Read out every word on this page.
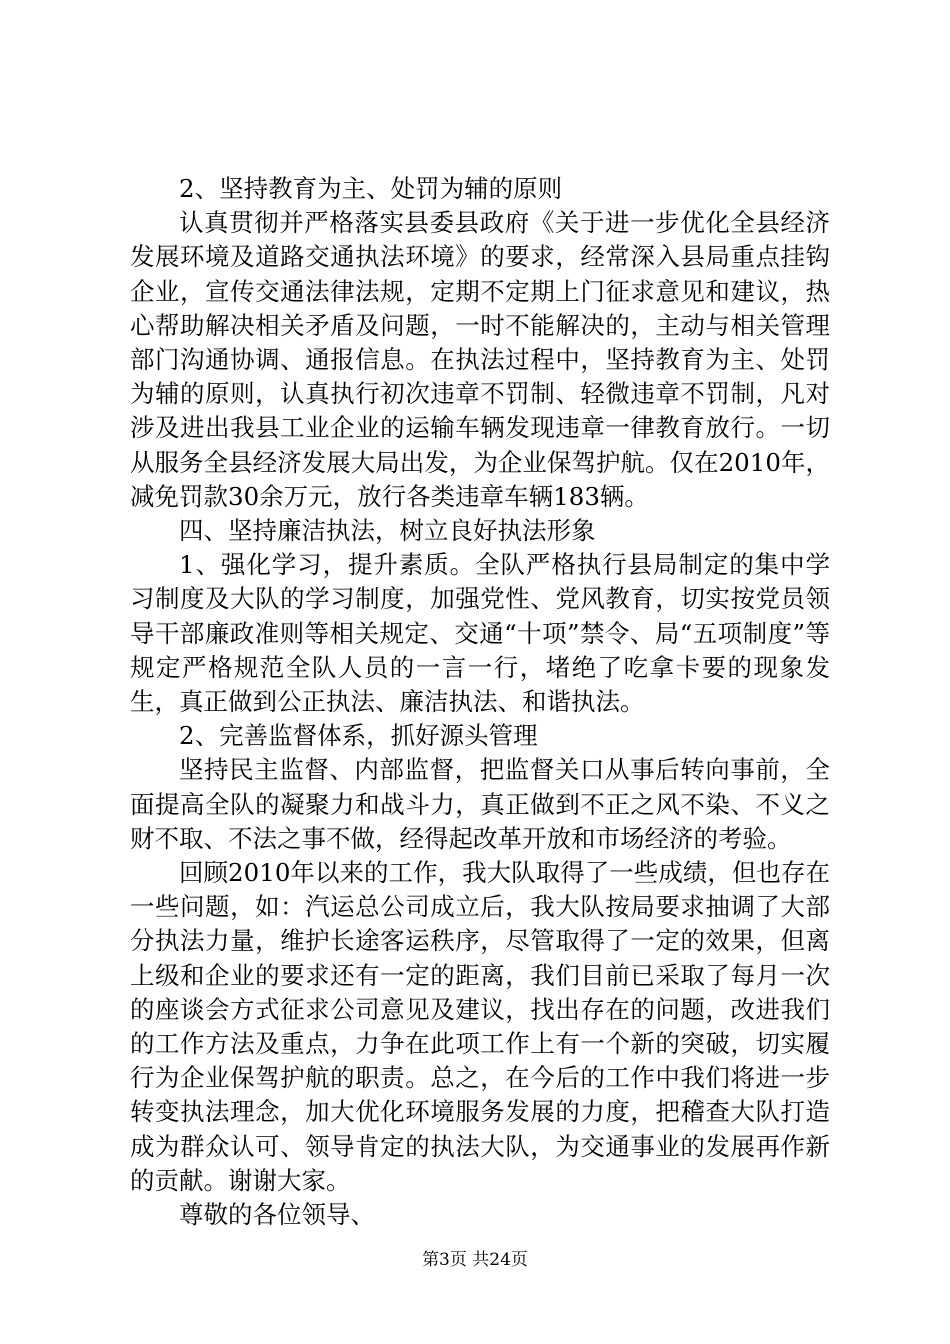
2、坚持教育为主、处罚为辅的原则

认真贯彻并严格落实县委县政府《关于进一步优化全县经济发展环境及道路交通执法环境》的要求，经常深入县局重点挂钩企业，宣传交通法律法规，定期不定期上门征求意见和建议，热心帮助解决相关矛盾及问题，一时不能解决的，主动与相关管理部门沟通协调、通报信息。在执法过程中，坚持教育为主、处罚为辅的原则，认真执行初次违章不罚制、轻微违章不罚制，凡对涉及进出我县工业企业的运输车辆发现违章一律教育放行。一切从服务全县经济发展大局出发，为企业保驾护航。仅在2010年，减免罚款30余万元，放行各类违章车辆183辆。

四、坚持廉洁执法，树立良好执法形象

1、强化学习，提升素质。全队严格执行县局制定的集中学习制度及大队的学习制度，加强党性、党风教育，切实按党员领导干部廉政准则等相关规定、交通“十项”禁令、局“五项制度”等规定严格规范全队人员的一言一行，堵绝了吃拿卡要的现象发生，真正做到公正执法、廉洁执法、和谐执法。

2、完善监督体系，抓好源头管理

坚持民主监督、内部监督，把监督关口从事后转向事前，全面提高全队的凝聚力和战斗力，真正做到不正之风不染、不义之财不取、不法之事不做，经得起改革开放和市场经济的考验。

回顾2010年以来的工作，我大队取得了一些成绩，但也存在一些问题，如：汽运总公司成立后，我大队按局要求抽调了大部分执法力量，维护长途客运秩序，尽管取得了一定的效果，但离上级和企业的要求还有一定的距离，我们目前已采取了每月一次的座谈会方式征求公司意见及建议，找出存在的问题，改进我们的工作方法及重点，力争在此项工作上有一个新的突破，切实履行为企业保驾护航的职责。总之，在今后的工作中我们将进一步转变执法理念，加大优化环境服务发展的力度，把稽查大队打造成为群众认可、领导肯定的执法大队，为交通事业的发展再作新的贡献。谢谢大家。

尊敬的各位领导、

第3页 共24页
